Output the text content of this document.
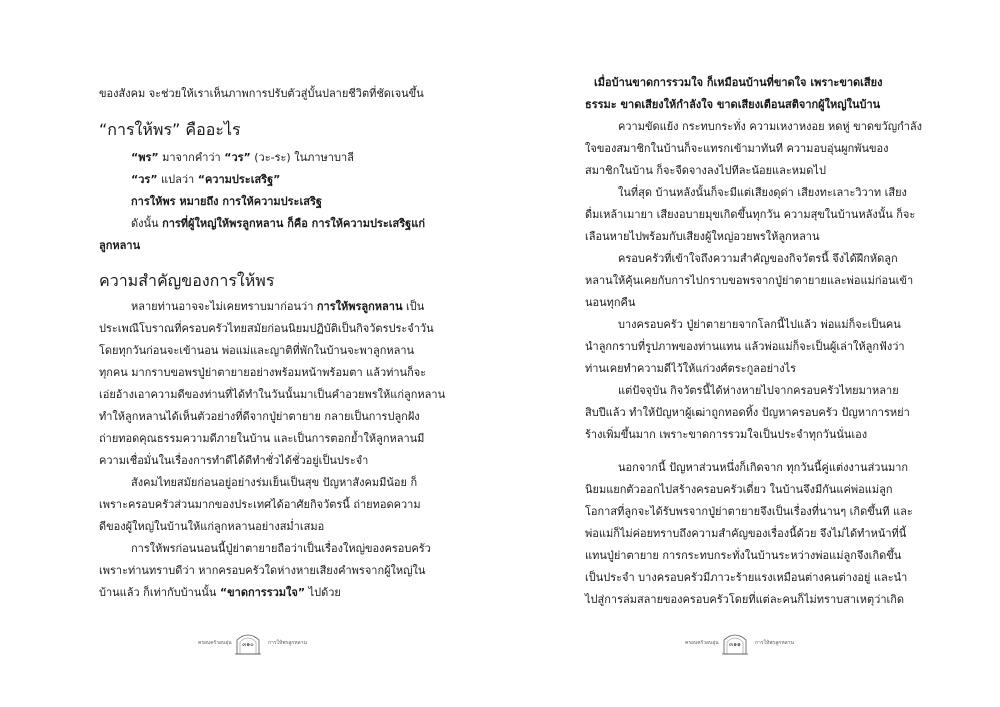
ของสังคม จะช่วยให้เราเห็นภาพการปรับตัวสู่บั้นปลายชีวิตที่ชัดเจนขึ้น
“การให้พร” คืออะไร
“พร” มาจากคำว่า “วร” (วะ-ระ) ในภาษาบาลี
“วร” แปลว่า “ความประเสริฐ”
การให้พร หมายถึง การให้ความประเสริฐ
ดังนั้น การที่ผู้ใหญ่ให้พรลูกหลาน ก็คือ การให้ความประเสริฐแก่
ลูกหลาน
ความสำคัญของการให้พร
หลายท่านอาจจะไม่เคยทราบมาก่อนว่า การให้พรลูกหลาน เป็น
ประเพณีโบราณที่ครอบครัวไทยสมัยก่อนนิยมปฏิบัติเป็นกิจวัตรประจำวัน
โดยทุกวันก่อนจะเข้านอน พ่อแม่และญาติที่พักในบ้านจะพาลูกหลาน
ทุกคน มากราบขอพรปู่ย่าตายายอย่างพร้อมหน้าพร้อมตา แล้วท่านก็จะ
เอ่ยอ้างเอาความดีของท่านที่ได้ทำในวันนั้นมาเป็นคำอวยพรให้แก่ลูกหลาน
ทำให้ลูกหลานได้เห็นตัวอย่างที่ดีจากปู่ย่าตายาย กลายเป็นการปลูกฝัง
ถ่ายทอดคุณธรรมความดีภายในบ้าน และเป็นการตอกย้ำให้ลูกหลานมี
ความเชื่อมั่นในเรื่องการทำดีได้ดีทำชั่วได้ชั่วอยู่เป็นประจำ
สังคมไทยสมัยก่อนอยู่อย่างร่มเย็นเป็นสุข ปัญหาสังคมมีน้อย ก็
เพราะครอบครัวส่วนมากของประเทศได้อาศัยกิจวัตรนี้ ถ่ายทอดความ
ดีของผู้ใหญ่ในบ้านให้แก่ลูกหลานอย่างสม่ำเสมอ
การให้พรก่อนนอนนี้ปู่ย่าตายายถือว่าเป็นเรื่องใหญ่ของครอบครัว
เพราะท่านทราบดีว่า หากครอบครัวใดห่างหายเสียงคำพรจากผู้ใหญ่ใน
บ้านแล้ว ก็เท่ากับบ้านนั้น “ขาดการรวมใจ” ไปด้วย
ครอบครัวอบอุ่น	๓๑๐	การให้พรลูกหลาน
เมื่อบ้านขาดการรวมใจ ก็เหมือนบ้านที่ขาดใจ เพราะขาดเสียง
ธรรมะ ขาดเสียงให้กำลังใจ ขาดเสียงเตือนสติจากผู้ใหญ่ในบ้าน
ความขัดแย้ง กระทบกระทั่ง ความเหงาหงอย หดหู่ ขาดขวัญกำลัง
ใจของสมาชิกในบ้านก็จะแทรกเข้ามาทันที ความอบอุ่นผูกพันของ
สมาชิกในบ้าน ก็จะจืดจางลงไปทีละน้อยและหมดไป
ในที่สุด บ้านหลังนั้นก็จะมีแต่เสียงดุด่า เสียงทะเลาะวิวาท เสียง
ดื่มเหล้าเมายา เสียงอบายมุขเกิดขึ้นทุกวัน ความสุขในบ้านหลังนั้น ก็จะ
เลือนหายไปพร้อมกับเสียงผู้ใหญ่อวยพรให้ลูกหลาน
ครอบครัวที่เข้าใจถึงความสำคัญของกิจวัตรนี้ จึงได้ฝึกหัดลูก
หลานให้คุ้นเคยกับการไปกราบขอพรจากปู่ย่าตายายและพ่อแม่ก่อนเข้า
นอนทุกคืน
บางครอบครัว ปู่ย่าตายายจากโลกนี้ไปแล้ว พ่อแม่ก็จะเป็นคน
นำลูกกราบที่รูปภาพของท่านแทน แล้วพ่อแม่ก็จะเป็นผู้เล่าให้ลูกฟังว่า
ท่านเคยทำความดีไว้ให้แก่วงศ์ตระกูลอย่างไร
แต่ปัจจุบัน กิจวัตรนี้ได้ห่างหายไปจากครอบครัวไทยมาหลาย
สิบปีแล้ว ทำให้ปัญหาผู้เฒ่าถูกทอดทิ้ง ปัญหาครอบครัว ปัญหาการหย่า
ร้างเพิ่มขึ้นมาก เพราะขาดการรวมใจเป็นประจำทุกวันนั่นเอง
นอกจากนี้ ปัญหาส่วนหนึ่งก็เกิดจาก ทุกวันนี้คู่แต่งงานส่วนมาก
นิยมแยกตัวออกไปสร้างครอบครัวเดี่ยว ในบ้านจึงมีกันแค่พ่อแม่ลูก
โอกาสที่ลูกจะได้รับพรจากปู่ย่าตายายจึงเป็นเรื่องที่นานๆ เกิดขึ้นที และ
พ่อแม่ก็ไม่ค่อยทราบถึงความสำคัญของเรื่องนี้ด้วย จึงไม่ได้ทำหน้าที่นี้
แทนปู่ย่าตายาย การกระทบกระทั่งในบ้านระหว่างพ่อแม่ลูกจึงเกิดขึ้น
เป็นประจำ บางครอบครัวมีภาวะร้ายแรงเหมือนต่างคนต่างอยู่ และนำ
ไปสู่การล่มสลายของครอบครัวโดยที่แต่ละคนก็ไม่ทราบสาเหตุว่าเกิด
ครอบครัวอบอุ่น	๓๑๑	การให้พรลูกหลาน
